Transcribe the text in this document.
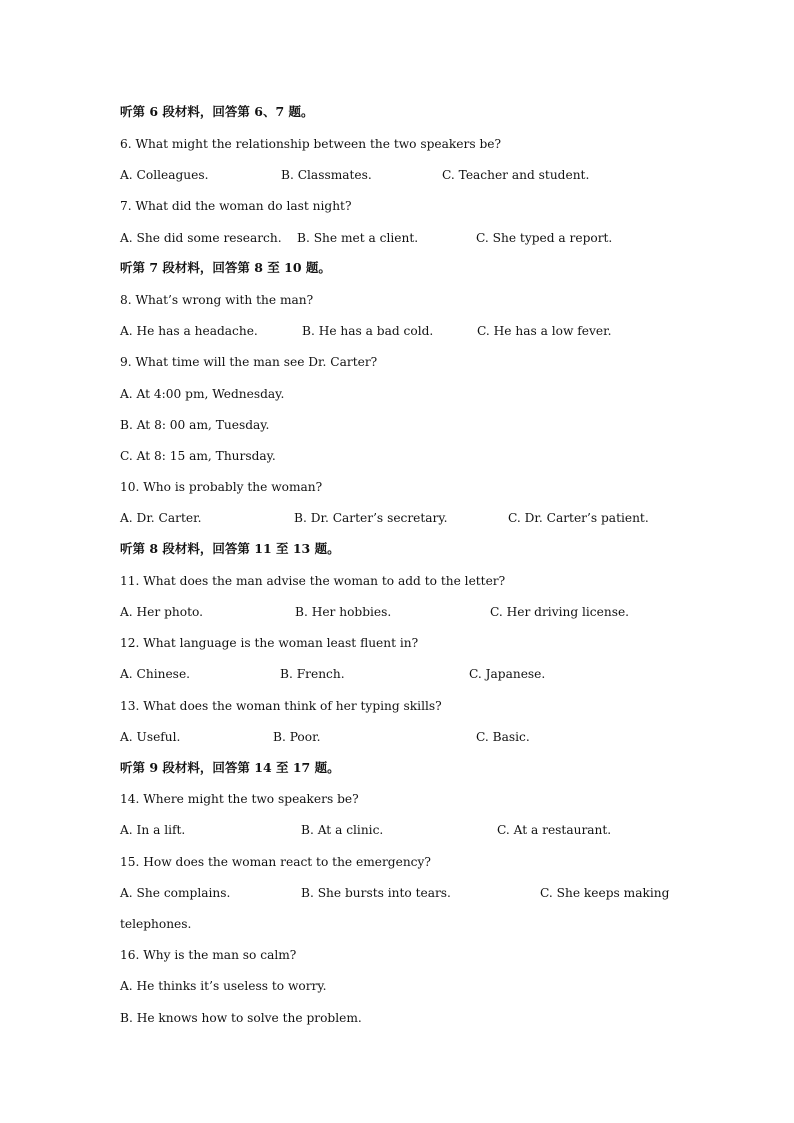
听第 6 段材料，回答第 6、7 题。
6. What might the relationship between the two speakers be?
A. Colleagues.	B. Classmates.	C. Teacher and student.
7. What did the woman do last night?
A. She did some research. B. She met a client.	C. She typed a report.
听第 7 段材料，回答第 8 至 10 题。
8. What’s wrong with the man?
A. He has a headache.	B. He has a bad cold.	C. He has a low fever.
9. What time will the man see Dr. Carter?
A. At 4:00 pm, Wednesday.
B. At 8: 00 am, Tuesday.
C. At 8: 15 am, Thursday.
10. Who is probably the woman?
A. Dr. Carter.	B. Dr. Carter’s secretary.	C. Dr. Carter’s patient.
听第 8 段材料，回答第 11 至 13 题。
11. What does the man advise the woman to add to the letter?
A. Her photo.	B. Her hobbies.	C. Her driving license.
12. What language is the woman least fluent in?
A. Chinese.	B. French.	C. Japanese.
13. What does the woman think of her typing skills?
A. Useful.	B. Poor.	C. Basic.
听第 9 段材料，回答第 14 至 17 题。
14. Where might the two speakers be?
A. In a lift.	B. At a clinic.	C. At a restaurant.
15. How does the woman react to the emergency?
A. She complains.	B. She bursts into tears.	C. She keeps making
telephones.
16. Why is the man so calm?
A. He thinks it’s useless to worry.
B. He knows how to solve the problem.
